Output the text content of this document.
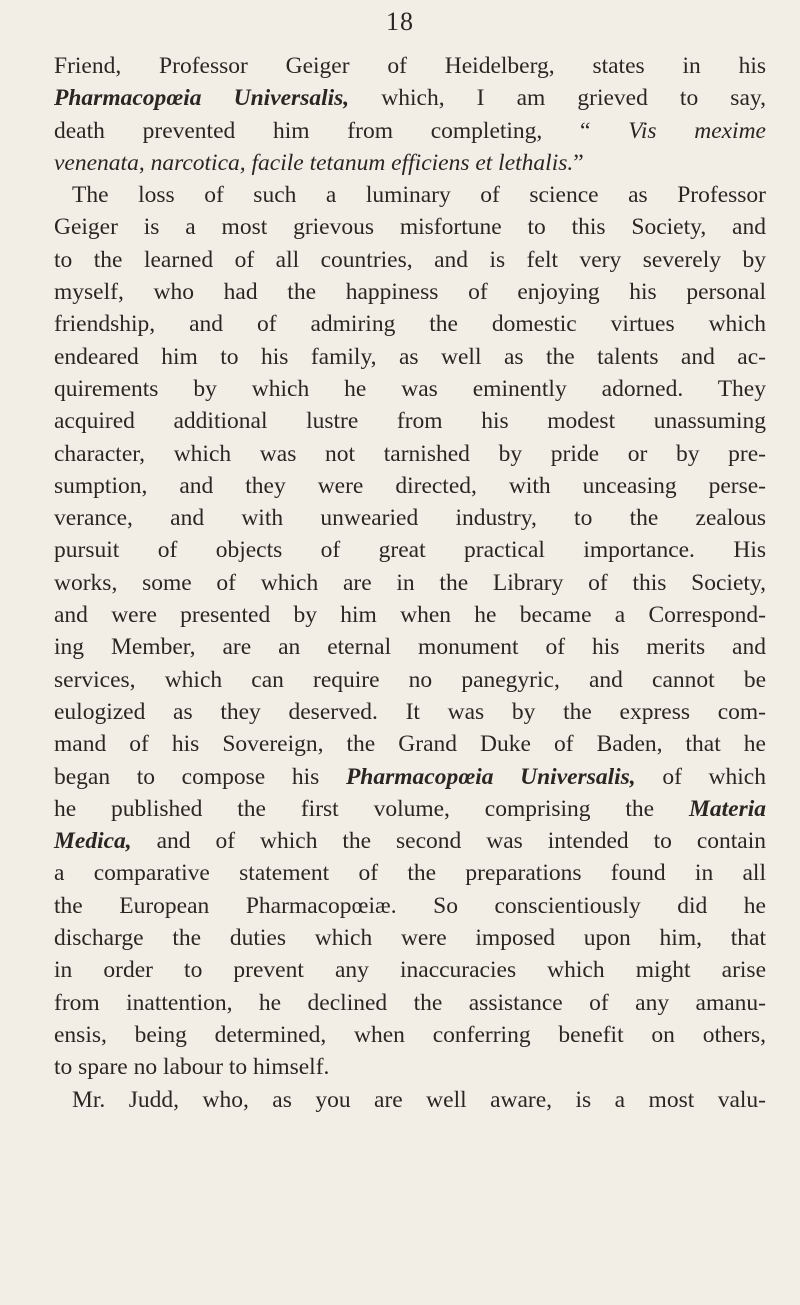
18
Friend, Professor Geiger of Heidelberg, states in his
Pharmacopœia Universalis, which, I am grieved to say,
death prevented him from completing, “ Vis mexime
venenata, narcotica, facile tetanum efficiens et lethalis.”
The loss of such a luminary of science as Professor
Geiger is a most grievous misfortune to this Society, and
to the learned of all countries, and is felt very severely by
myself, who had the happiness of enjoying his personal
friendship, and of admiring the domestic virtues which
endeared him to his family, as well as the talents and ac-
quirements by which he was eminently adorned. They
acquired additional lustre from his modest unassuming
character, which was not tarnished by pride or by pre-
sumption, and they were directed, with unceasing perse-
verance, and with unwearied industry, to the zealous
pursuit of objects of great practical importance. His
works, some of which are in the Library of this Society,
and were presented by him when he became a Correspond-
ing Member, are an eternal monument of his merits and
services, which can require no panegyric, and cannot be
eulogized as they deserved. It was by the express com-
mand of his Sovereign, the Grand Duke of Baden, that he
began to compose his Pharmacopœia Universalis, of which
he published the first volume, comprising the Materia
Medica, and of which the second was intended to contain
a comparative statement of the preparations found in all
the European Pharmacopœiæ. So conscientiously did he
discharge the duties which were imposed upon him, that
in order to prevent any inaccuracies which might arise
from inattention, he declined the assistance of any amanu-
ensis, being determined, when conferring benefit on others,
to spare no labour to himself.
Mr. Judd, who, as you are well aware, is a most valu-
